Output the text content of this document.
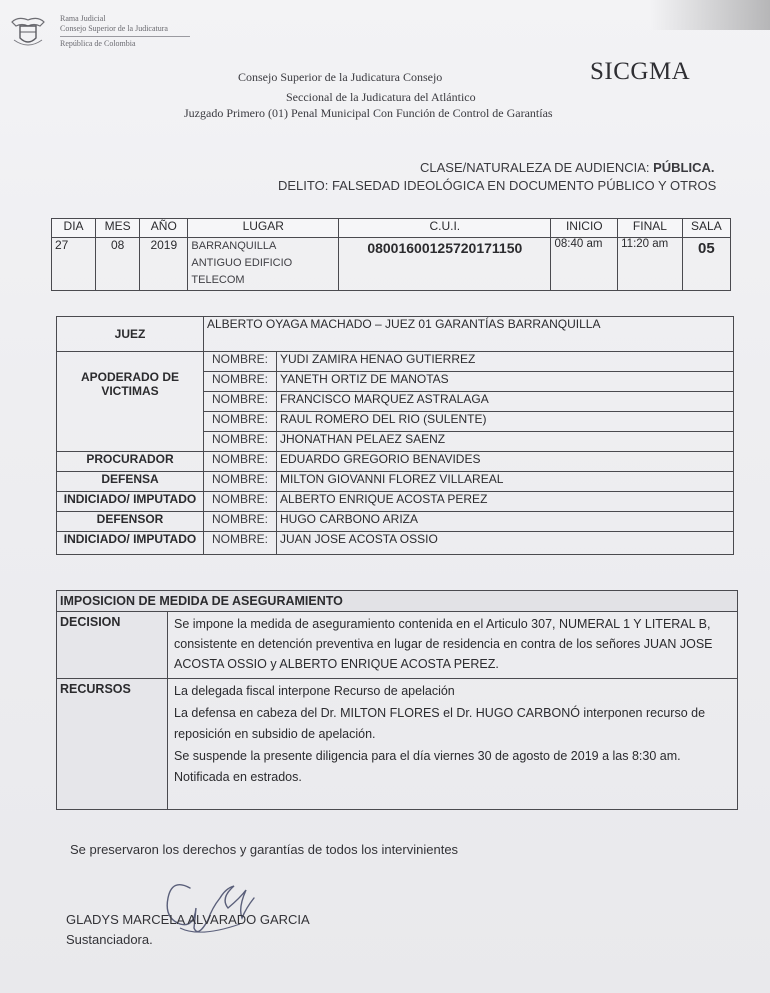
Rama Judicial
Consejo Superior de la Judicatura
República de Colombia
Consejo Superior de la Judicatura Consejo
Seccional de la Judicatura del Atlántico
Juzgado Primero (01) Penal Municipal Con Función de Control de Garantías
SICGMA
CLASE/NATURALEZA DE AUDIENCIA: PÚBLICA.
DELITO: FALSEDAD IDEOLÓGICA EN DOCUMENTO PÚBLICO Y OTROS
DIA	MES	AÑO	LUGAR	C.U.I.	INICIO	FINAL	SALA
27	08	2019	BARRANQUILLA
ANTIGUO EDIFICIO
TELECOM	08001600125720171150	08:40 am	11:20 am	05
JUEZ	ALBERTO OYAGA MACHADO – JUEZ 01 GARANTÍAS BARRANQUILLA	
APODERADO DE VICTIMAS	NOMBRE:	YUDI ZAMIRA HENAO GUTIERREZ
	NOMBRE:	YANETH ORTIZ DE MANOTAS
	NOMBRE:	FRANCISCO MARQUEZ ASTRALAGA
	NOMBRE:	RAUL ROMERO DEL RIO (SULENTE)
	NOMBRE:	JHONATHAN PELAEZ SAENZ
PROCURADOR	NOMBRE:	EDUARDO GREGORIO BENAVIDES
DEFENSA	NOMBRE:	MILTON GIOVANNI FLOREZ VILLAREAL
INDICIADO/ IMPUTADO	NOMBRE:	ALBERTO ENRIQUE ACOSTA PEREZ
DEFENSOR	NOMBRE:	HUGO CARBONO ARIZA
INDICIADO/ IMPUTADO	NOMBRE:	JUAN JOSE ACOSTA OSSIO
IMPOSICION DE MEDIDA DE ASEGURAMIENTO	
DECISION	Se impone la medida de aseguramiento contenida en el Articulo 307, NUMERAL 1 Y LITERAL B,
consistente en detención preventiva en lugar de residencia en contra de los señores JUAN JOSE
ACOSTA OSSIO y ALBERTO ENRIQUE ACOSTA PEREZ.

RECURSOS	La delegada fiscal interpone Recurso de apelación
La defensa en cabeza del Dr. MILTON FLORES el Dr. HUGO CARBONÓ interponen recurso de
reposición en subsidio de apelación.
Se suspende la presente diligencia para el día viernes 30 de agosto de 2019 a las 8:30 am.
Notificada en estrados.
Se preservaron los derechos y garantías de todos los intervinientes
GLADYS MARCELA ALVARADO GARCIA
Sustanciadora.
